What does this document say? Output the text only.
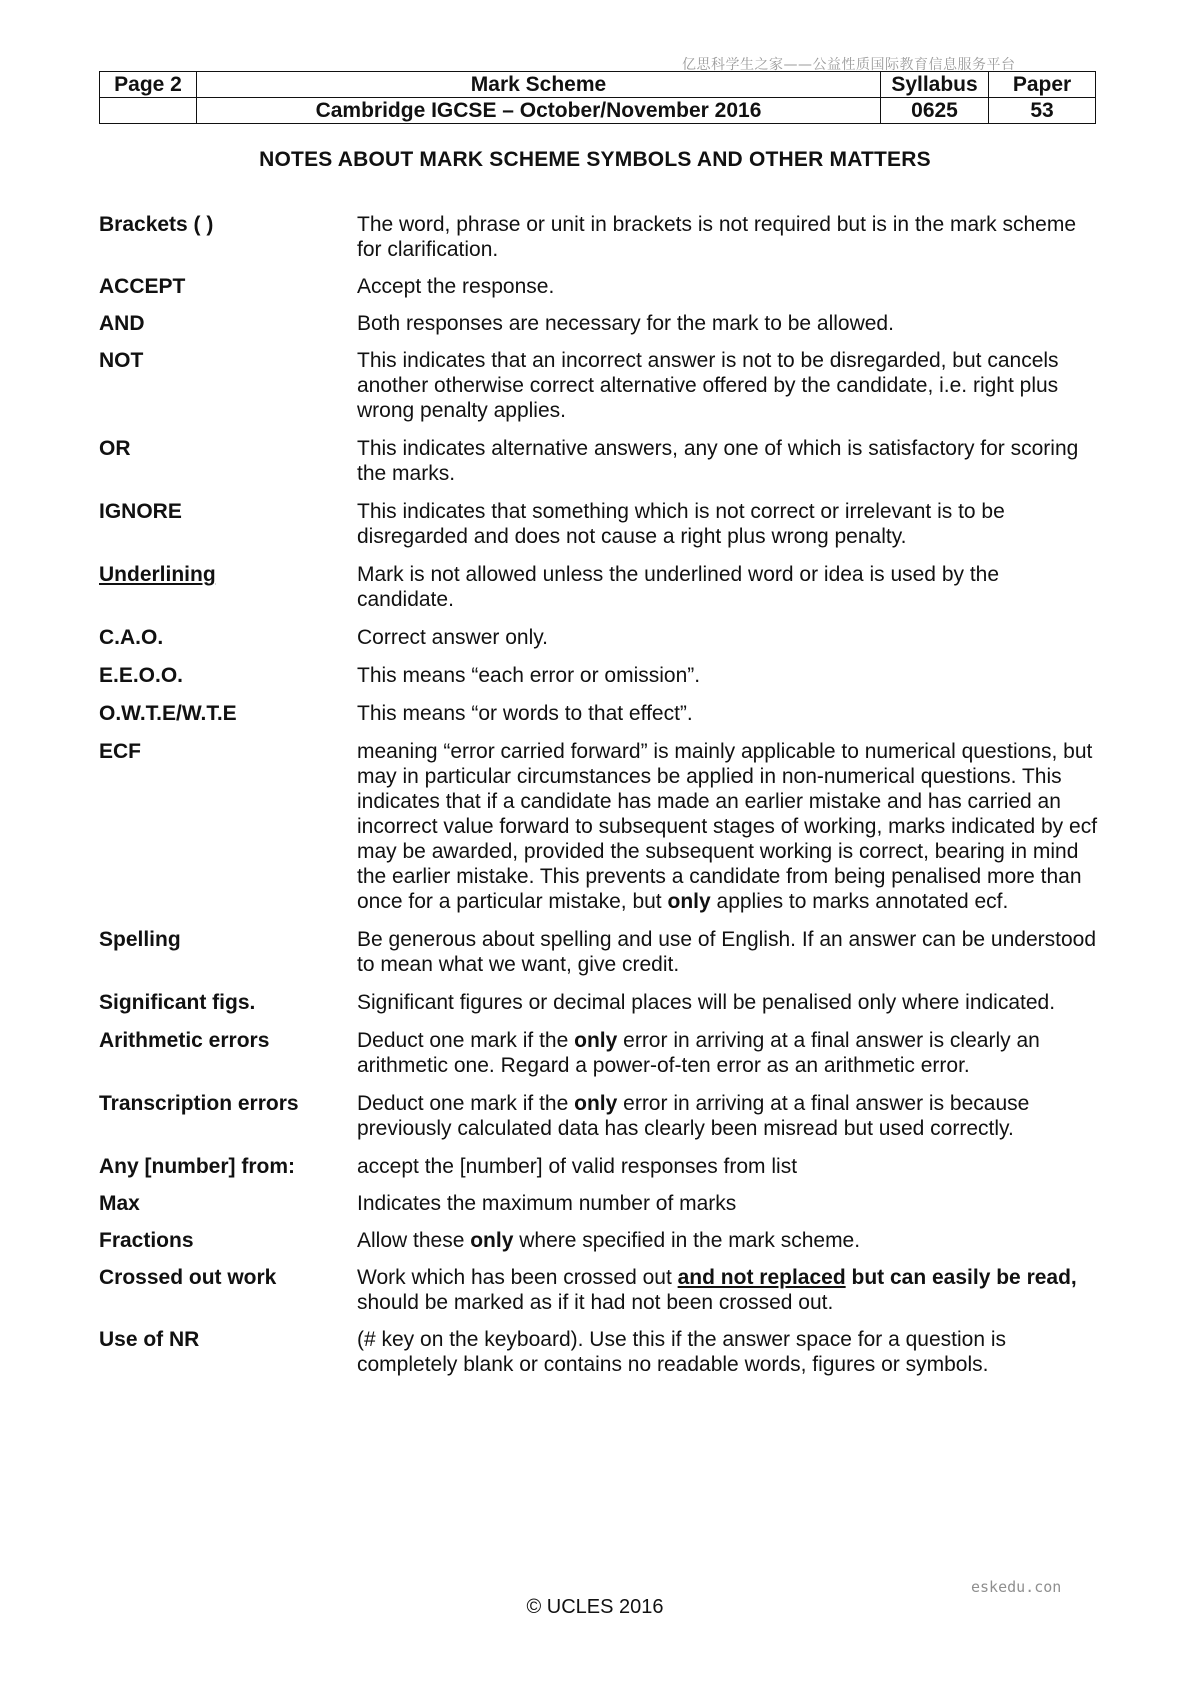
亿思科学生之家——公益性质国际教育信息服务平台
Page 2	Mark Scheme	Syllabus	Paper
	Cambridge IGCSE – October/November 2016	0625	53
NOTES ABOUT MARK SCHEME SYMBOLS AND OTHER MATTERS
Brackets ( )	The word, phrase or unit in brackets is not required but is in the mark scheme for clarification.
ACCEPT	Accept the response.
AND	Both responses are necessary for the mark to be allowed.
NOT	This indicates that an incorrect answer is not to be disregarded, but cancels another otherwise correct alternative offered by the candidate, i.e. right plus wrong penalty applies.
OR	This indicates alternative answers, any one of which is satisfactory for scoring the marks.
IGNORE	This indicates that something which is not correct or irrelevant is to be disregarded and does not cause a right plus wrong penalty.
Underlining	Mark is not allowed unless the underlined word or idea is used by the candidate.
C.A.O.	Correct answer only.
E.E.O.O.	This means “each error or omission”.
O.W.T.E/W.T.E	This means “or words to that effect”.
ECF	meaning “error carried forward” is mainly applicable to numerical questions, but may in particular circumstances be applied in non-numerical questions. This indicates that if a candidate has made an earlier mistake and has carried an incorrect value forward to subsequent stages of working, marks indicated by ecf may be awarded, provided the subsequent working is correct, bearing in mind the earlier mistake. This prevents a candidate from being penalised more than once for a particular mistake, but only applies to marks annotated ecf.
Spelling	Be generous about spelling and use of English. If an answer can be understood to mean what we want, give credit.
Significant figs.	Significant figures or decimal places will be penalised only where indicated.
Arithmetic errors	Deduct one mark if the only error in arriving at a final answer is clearly an arithmetic one. Regard a power-of-ten error as an arithmetic error.
Transcription errors	Deduct one mark if the only error in arriving at a final answer is because previously calculated data has clearly been misread but used correctly.
Any [number] from:	accept the [number] of valid responses from list
Max	Indicates the maximum number of marks
Fractions	Allow these only where specified in the mark scheme.
Crossed out work	Work which has been crossed out and not replaced but can easily be read, should be marked as if it had not been crossed out.
Use of NR	(# key on the keyboard). Use this if the answer space for a question is completely blank or contains no readable words, figures or symbols.
eskedu.con
© UCLES 2016
